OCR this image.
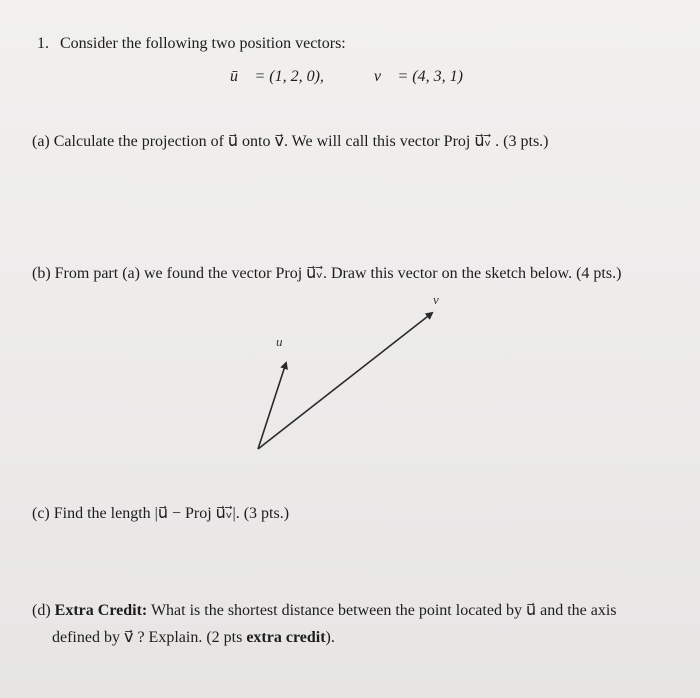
1. Consider the following two position vectors:
ū⃗ = (1, 2, 0),	v⃗ = (4, 3, 1)
(a) Calculate the projection of u⃗ onto v⃗. We will call this vector Proj u⃗ᵥ⃗ . (3 pts.)
(b) From part (a) we found the vector Proj u⃗ᵥ⃗. Draw this vector on the sketch below. (4 pts.)
u⃗
v⃗
(c) Find the length |u⃗ − Proj u⃗ᵥ⃗|. (3 pts.)
(d) Extra Credit: What is the shortest distance between the point located by u⃗ and the axis
defined by v⃗ ? Explain. (2 pts extra credit).
